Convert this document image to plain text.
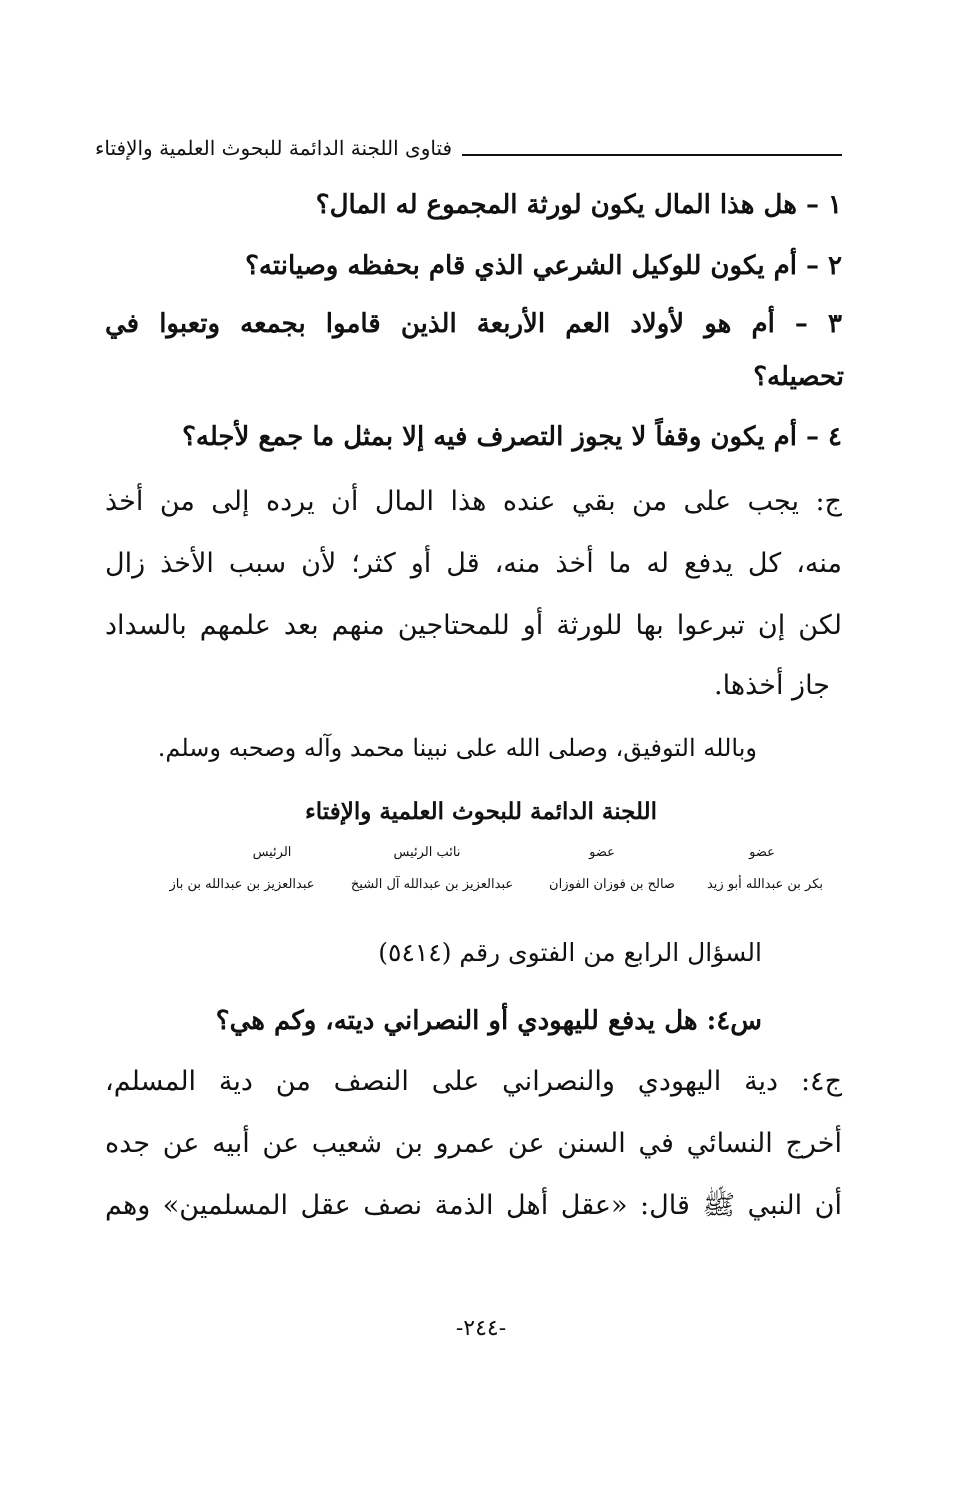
فتاوى اللجنة الدائمة للبحوث العلمية والإفتاء
١ – هل هذا المال يكون لورثة المجموع له المال؟
٢ – أم يكون للوكيل الشرعي الذي قام بحفظه وصيانته؟
٣ – أم هو لأولاد العم الأربعة الذين قاموا بجمعه وتعبوا في
تحصيله؟
٤ – أم يكون وقفاً لا يجوز التصرف فيه إلا بمثل ما جمع لأجله؟
ج: يجب على من بقي عنده هذا المال أن يرده إلى من أخذ
منه، كل يدفع له ما أخذ منه، قل أو كثر؛ لأن سبب الأخذ زال
لكن إن تبرعوا بها للورثة أو للمحتاجين منهم بعد علمهم بالسداد
جاز أخذها.
وبالله التوفيق، وصلى الله على نبينا محمد وآله وصحبه وسلم.
اللجنة الدائمة للبحوث العلمية والإفتاء
عضو
عضو
نائب الرئيس
الرئيس
بكر بن عبدالله أبو زيد
صالح بن فوزان الفوزان
عبدالعزيز بن عبدالله آل الشيخ
عبدالعزيز بن عبدالله بن باز
السؤال الرابع من الفتوى رقم (٥٤١٤)
س٤: هل يدفع لليهودي أو النصراني ديته، وكم هي؟
ج٤: دية اليهودي والنصراني على النصف من دية المسلم،
أخرج النسائي في السنن عن عمرو بن شعيب عن أبيه عن جده
أن النبي ﷺ قال: «عقل أهل الذمة نصف عقل المسلمين» وهم
-٢٤٤-
